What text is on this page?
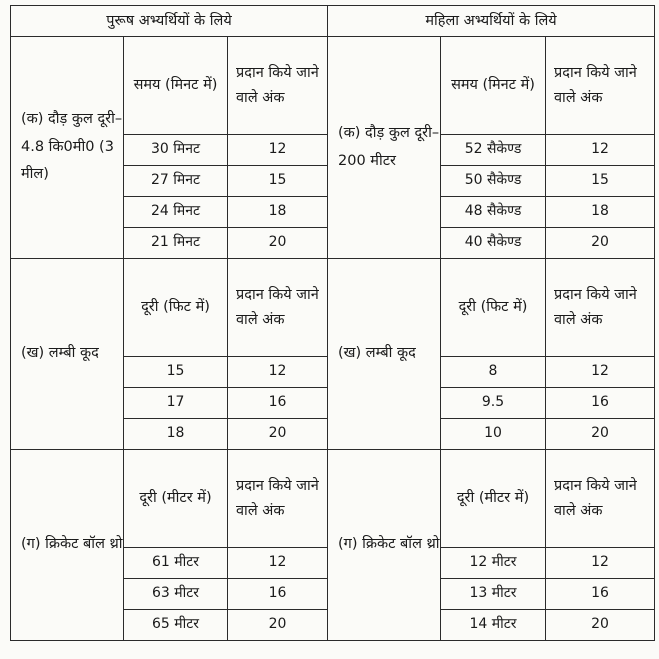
पुरूष अभ्यर्थियों के लिये			महिला अभ्यर्थियों के लिये		
(क) दौड़ कुल दूरी– 4.8 कि0मी0 (3 मील)	समय (मिनट में)	प्रदान किये जाने वाले अंक	(क) दौड़ कुल दूरी– 200 मीटर	समय (मिनट में)	प्रदान किये जाने वाले अंक
	30 मिनट	12		52 सैकेण्ड	12
	27 मिनट	15		50 सैकेण्ड	15
	24 मिनट	18		48 सैकेण्ड	18
	21 मिनट	20		40 सैकेण्ड	20
(ख) लम्बी कूद	दूरी (फिट में)	प्रदान किये जाने वाले अंक	(ख) लम्बी कूद	दूरी (फिट में)	प्रदान किये जाने वाले अंक
	15	12		8	12
	17	16		9.5	16
	18	20		10	20
(ग) क्रिकेट बॉल थ्रो	दूरी (मीटर में)	प्रदान किये जाने वाले अंक	(ग) क्रिकेट बॉल थ्रो	दूरी (मीटर में)	प्रदान किये जाने वाले अंक
	61 मीटर	12		12 मीटर	12
	63 मीटर	16		13 मीटर	16
	65 मीटर	20		14 मीटर	20
